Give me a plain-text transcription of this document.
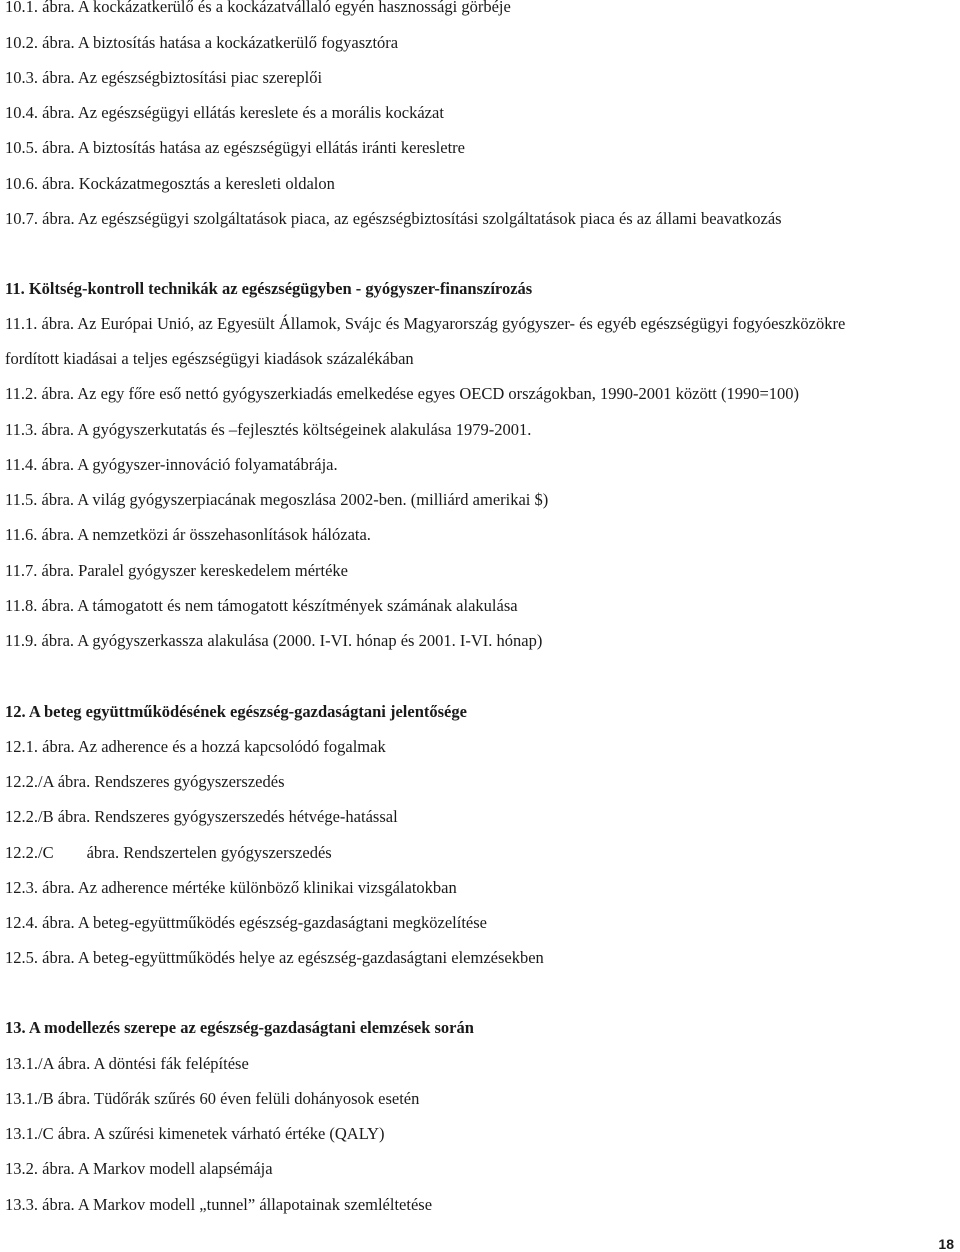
10.1. ábra. A kockázatkerülő és a kockázatvállaló egyén hasznossági görbéje

10.2. ábra. A biztosítás hatása a kockázatkerülő fogyasztóra

10.3. ábra. Az egészségbiztosítási piac szereplői

10.4. ábra. Az egészségügyi ellátás kereslete és a morális kockázat

10.5. ábra. A biztosítás hatása az egészségügyi ellátás iránti keresletre

10.6. ábra. Kockázatmegosztás a keresleti oldalon

10.7. ábra. Az egészségügyi szolgáltatások piaca, az egészségbiztosítási szolgáltatások piaca és az állami beavatkozás

11. Költség-kontroll technikák az egészségügyben - gyógyszer-finanszírozás

11.1. ábra. Az Európai Unió, az Egyesült Államok, Svájc és Magyarország gyógyszer- és egyéb egészségügyi fogyóeszközökre

fordított kiadásai a teljes egészségügyi kiadások százalékában

11.2. ábra. Az egy főre eső nettó gyógyszerkiadás emelkedése egyes OECD országokban, 1990-2001 között (1990=100)

11.3. ábra. A gyógyszerkutatás és –fejlesztés költségeinek alakulása 1979-2001.

11.4. ábra. A gyógyszer-innováció folyamatábrája.

11.5. ábra. A világ gyógyszerpiacának megoszlása 2002-ben. (milliárd amerikai $)

11.6. ábra. A nemzetközi ár összehasonlítások hálózata.

11.7. ábra. Paralel gyógyszer kereskedelem mértéke

11.8. ábra. A támogatott és nem támogatott készítmények számának alakulása

11.9. ábra. A gyógyszerkassza alakulása (2000. I-VI. hónap és 2001. I-VI. hónap)

12. A beteg együttműködésének egészség-gazdaságtani jelentősége

12.1. ábra. Az adherence és a hozzá kapcsolódó fogalmak

12.2./A ábra. Rendszeres gyógyszerszedés

12.2./B ábra. Rendszeres gyógyszerszedés hétvége-hatással

12.2./C        ábra. Rendszertelen gyógyszerszedés

12.3. ábra. Az adherence mértéke különböző klinikai vizsgálatokban

12.4. ábra. A beteg-együttműködés egészség-gazdaságtani megközelítése

12.5. ábra. A beteg-együttműködés helye az egészség-gazdaságtani elemzésekben

13. A modellezés szerepe az egészség-gazdaságtani elemzések során

13.1./A ábra. A döntési fák felépítése

13.1./B ábra. Tüdőrák szűrés 60 éven felüli dohányosok esetén

13.1./C ábra. A szűrési kimenetek várható értéke (QALY)

13.2. ábra. A Markov modell alapsémája

13.3. ábra. A Markov modell „tunnel” állapotainak szemléltetése

18
